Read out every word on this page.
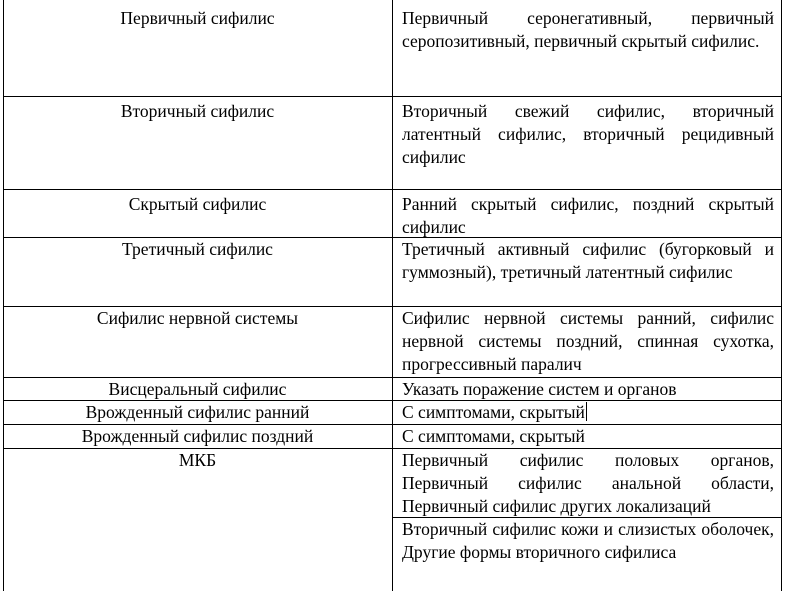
Первичный сифилис	Первичный серонегативный, первичный серопозитивный, первичный скрытый сифилис.
Вторичный сифилис	Вторичный свежий сифилис, вторичный латентный сифилис, вторичный рецидивный сифилис
Скрытый сифилис	Ранний скрытый сифилис, поздний скрытый сифилис
Третичный сифилис	Третичный активный сифилис (бугорковый и гуммозный), третичный латентный сифилис
Сифилис нервной системы	Сифилис нервной системы ранний, сифилис нервной системы поздний, спинная сухотка, прогрессивный паралич
Висцеральный сифилис	Указать поражение систем и органов
Врожденный сифилис ранний	С симптомами, скрытый
Врожденный сифилис поздний	С симптомами, скрытый
МКБ	Первичный сифилис половых органов, Первичный сифилис анальной области, Первичный сифилис других локализаций
Вторичный сифилис кожи и слизистых оболочек, Другие формы вторичного сифилиса
